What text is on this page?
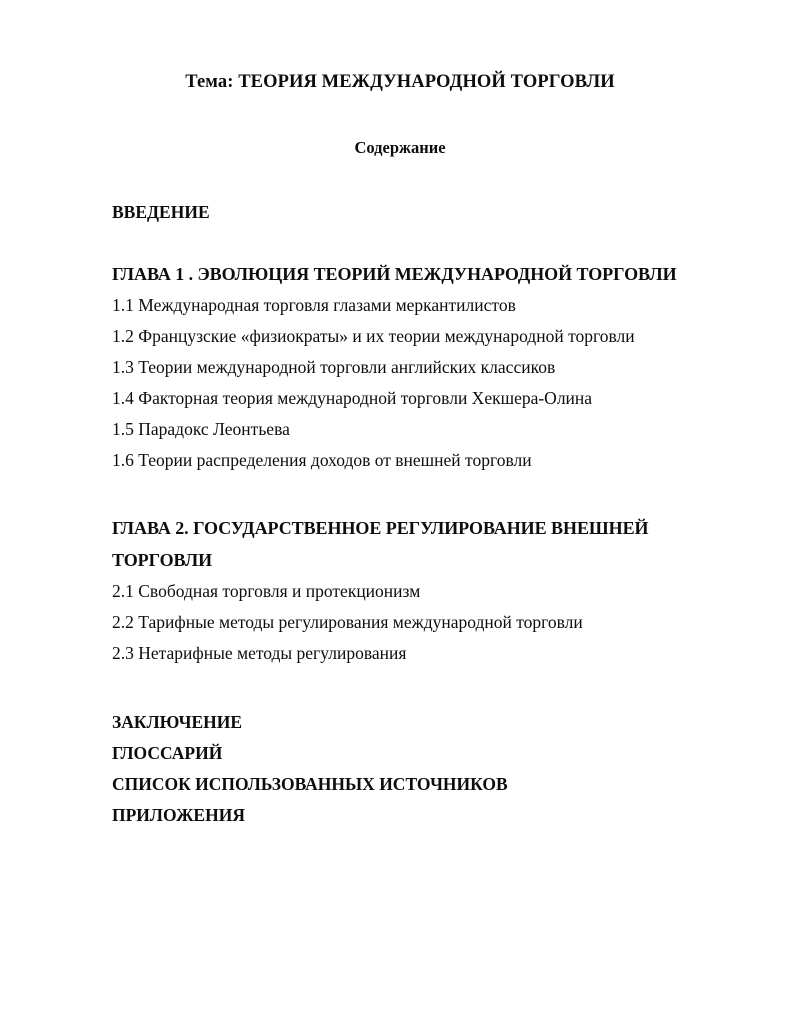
Тема: ТЕОРИЯ МЕЖДУНАРОДНОЙ ТОРГОВЛИ
Содержание
ВВЕДЕНИЕ
ГЛАВА 1 . ЭВОЛЮЦИЯ ТЕОРИЙ МЕЖДУНАРОДНОЙ ТОРГОВЛИ
1.1 Международная торговля глазами меркантилистов
1.2 Французские «физиократы» и их теории международной торговли
1.3 Теории международной торговли английских классиков
1.4 Факторная теория международной торговли Хекшера-Олина
1.5 Парадокс Леонтьева
1.6 Теории распределения доходов от внешней торговли
ГЛАВА 2. ГОСУДАРСТВЕННОЕ РЕГУЛИРОВАНИЕ ВНЕШНЕЙ ТОРГОВЛИ
2.1 Свободная торговля и протекционизм
2.2 Тарифные методы регулирования международной торговли
2.3 Нетарифные методы регулирования
ЗАКЛЮЧЕНИЕ
ГЛОССАРИЙ
СПИСОК ИСПОЛЬЗОВАННЫХ ИСТОЧНИКОВ
ПРИЛОЖЕНИЯ
